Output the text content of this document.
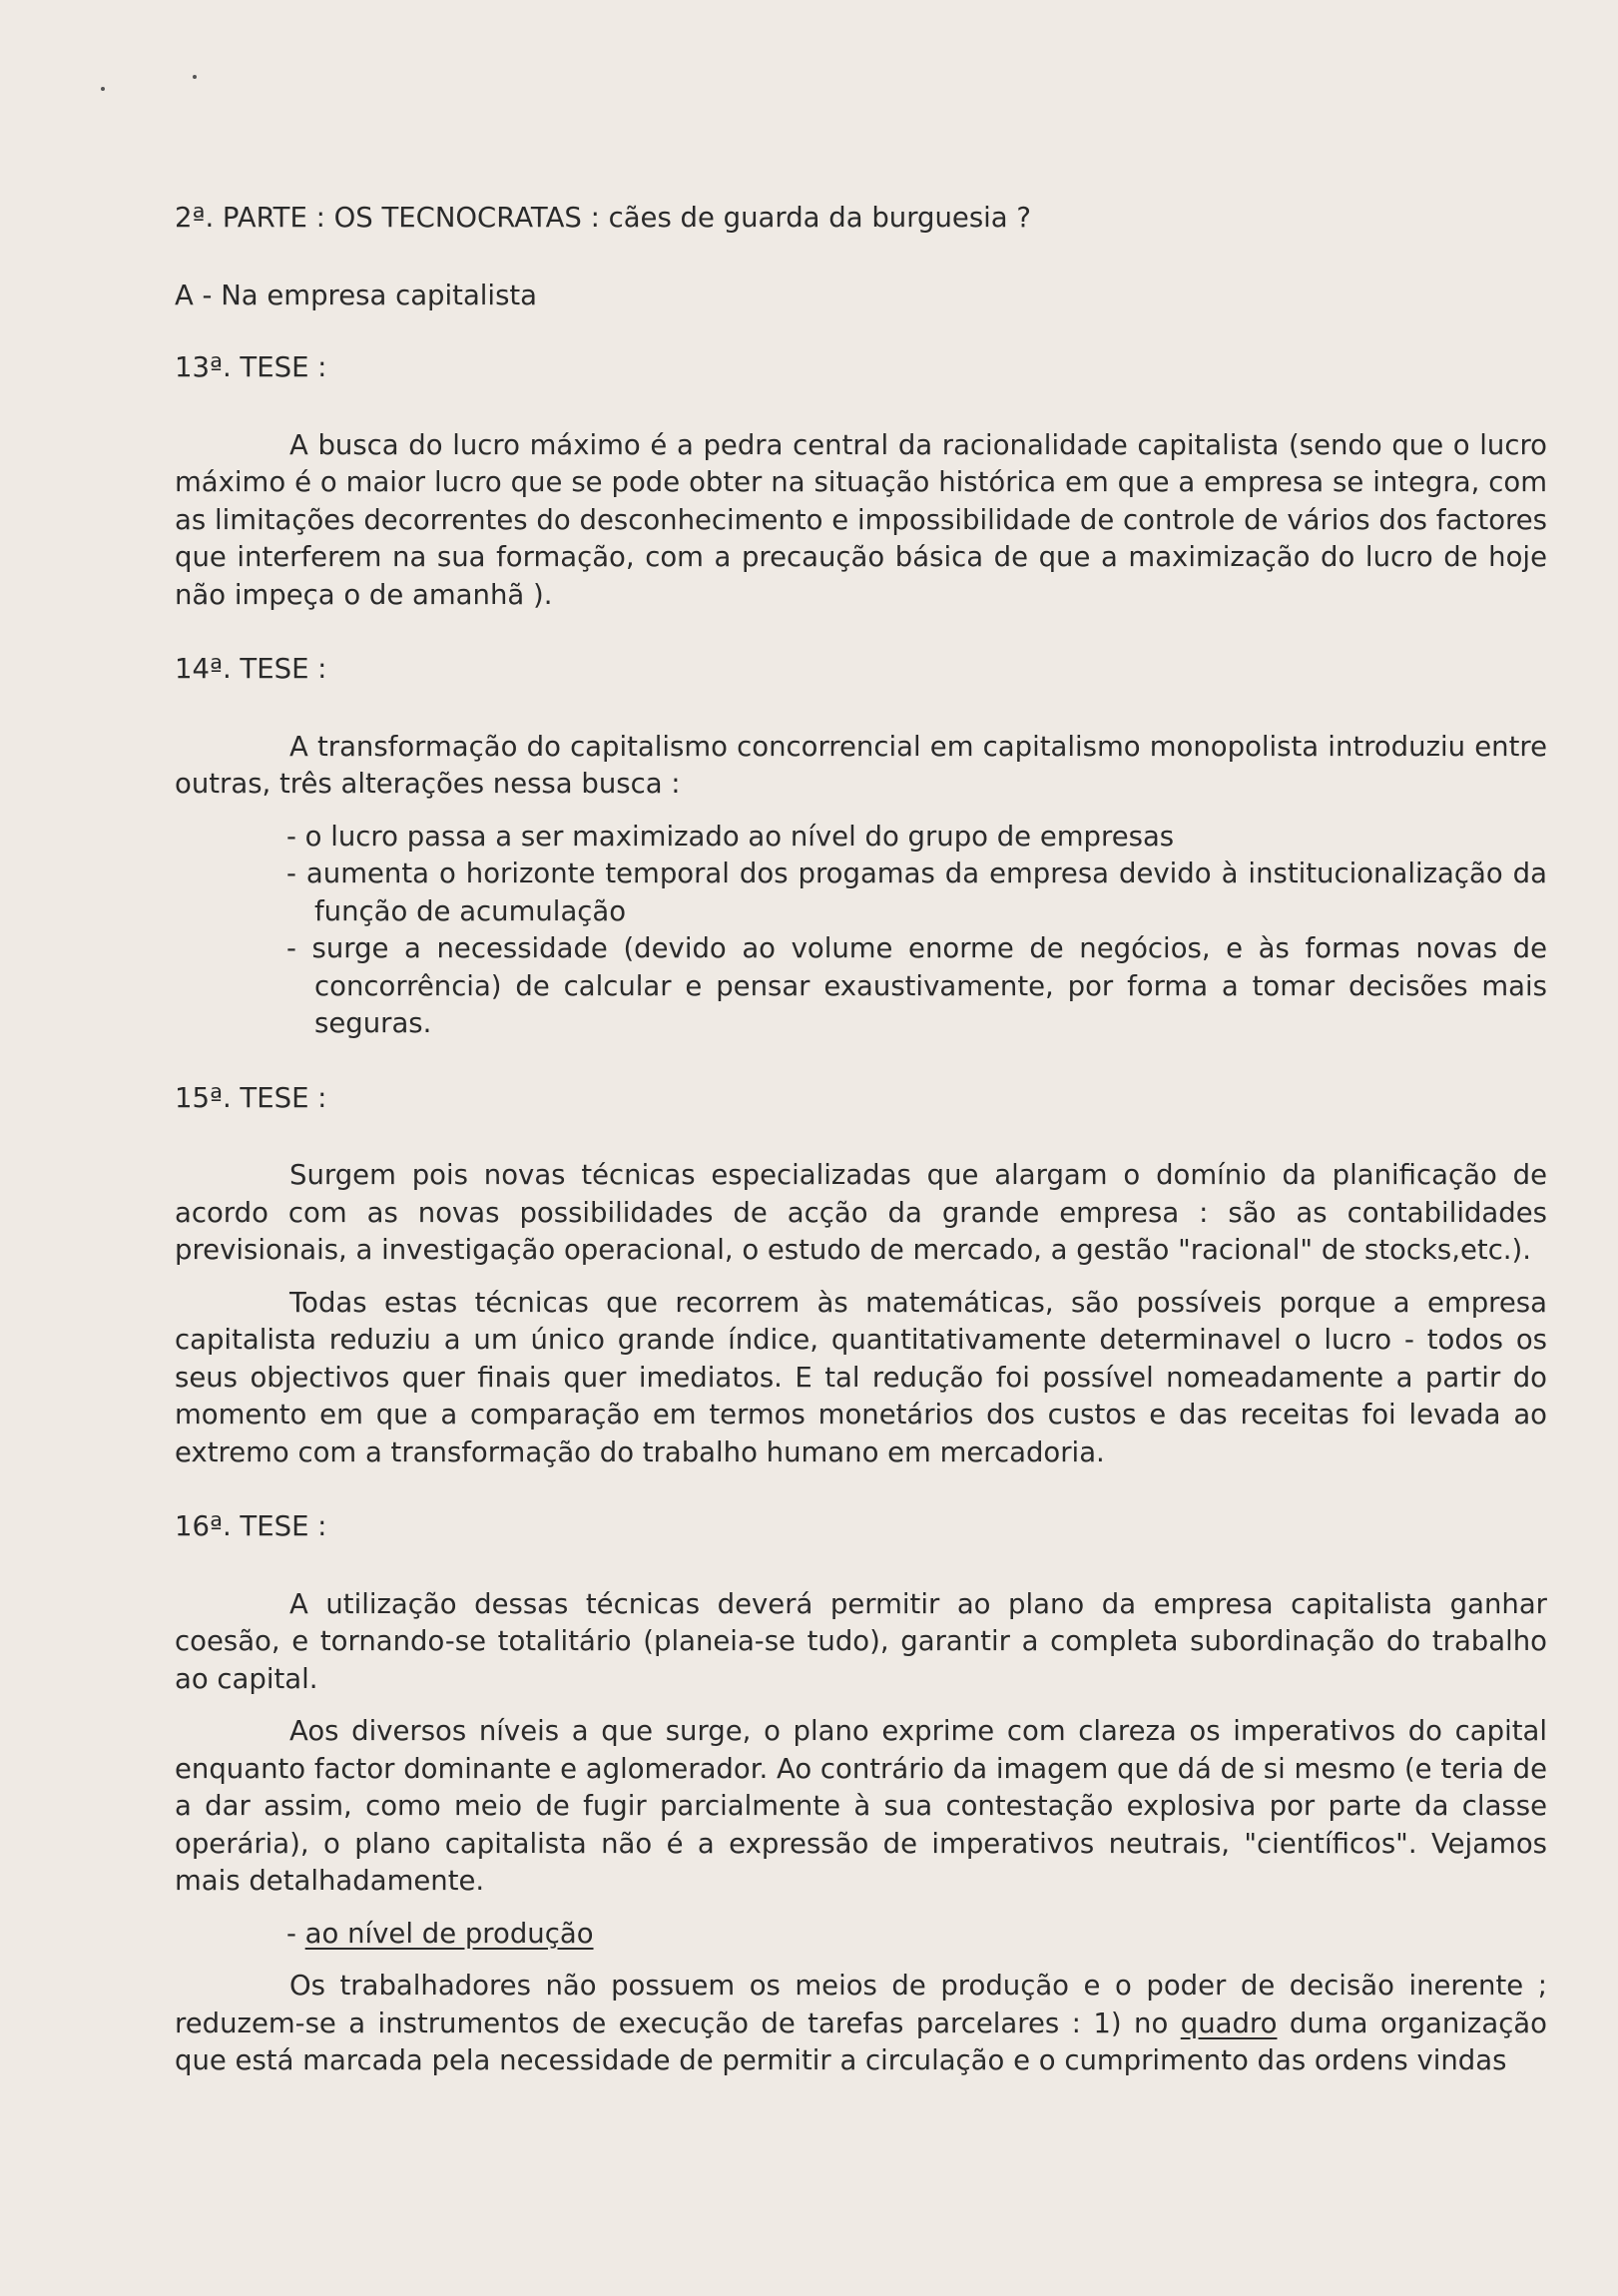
2ª. PARTE : OS TECNOCRATAS : cães de guarda da burguesia ?
A - Na empresa capitalista
13ª. TESE :

A busca do lucro máximo é a pedra central da racionalidade capitalista (sendo que o lucro máximo é o maior lucro que se pode obter na situação histórica em que a empresa se integra, com as limitações decorrentes do desconhecimento e impossibilidade de controle de vários dos factores que interferem na sua formação, com a precaução básica de que a maximização do lucro de hoje não impeça o de amanhã ).

14ª. TESE :

A transformação do capitalismo concorrencial em capitalismo monopolista introduziu entre outras, três alterações nessa busca :

- o lucro passa a ser maximizado ao nível do grupo de empresas
- aumenta o horizonte temporal dos progamas da empresa devido à institucionalização da função de acumulação
- surge a necessidade (devido ao volume enorme de negócios, e às formas novas de concorrência) de calcular e pensar exaustivamente, por forma a tomar decisões mais seguras.
15ª. TESE :

Surgem pois novas técnicas especializadas que alargam o domínio da planificação de acordo com as novas possibilidades de acção da grande empresa : são as contabilidades previsionais, a investigação operacional, o estudo de mercado, a gestão "racional" de stocks,etc.).

Todas estas técnicas que recorrem às matemáticas, são possíveis porque a empresa capitalista reduziu a um único grande índice, quantitativamente determinavel o lucro - todos os seus objectivos quer finais quer imediatos. E tal redução foi possível nomeadamente a partir do momento em que a comparação em termos monetários dos custos e das receitas foi levada ao extremo com a transformação do trabalho humano em mercadoria.

16ª. TESE :

A utilização dessas técnicas deverá permitir ao plano da empresa capitalista ganhar coesão, e tornando-se totalitário (planeia-se tudo), garantir a completa subordinação do trabalho ao capital.

Aos diversos níveis a que surge, o plano exprime com clareza os imperativos do capital enquanto factor dominante e aglomerador. Ao contrário da imagem que dá de si mesmo (e teria de a dar assim, como meio de fugir parcialmente à sua contestação explosiva por parte da classe operária), o plano capitalista não é a expressão de imperativos neutrais, "científicos". Vejamos mais detalhadamente.

- ao nível de produção

Os trabalhadores não possuem os meios de produção e o poder de decisão inerente ; reduzem-se a instrumentos de execução de tarefas parcelares : 1) no quadro duma organização que está marcada pela necessidade de permitir a circulação e o cumprimento das ordens vindas
